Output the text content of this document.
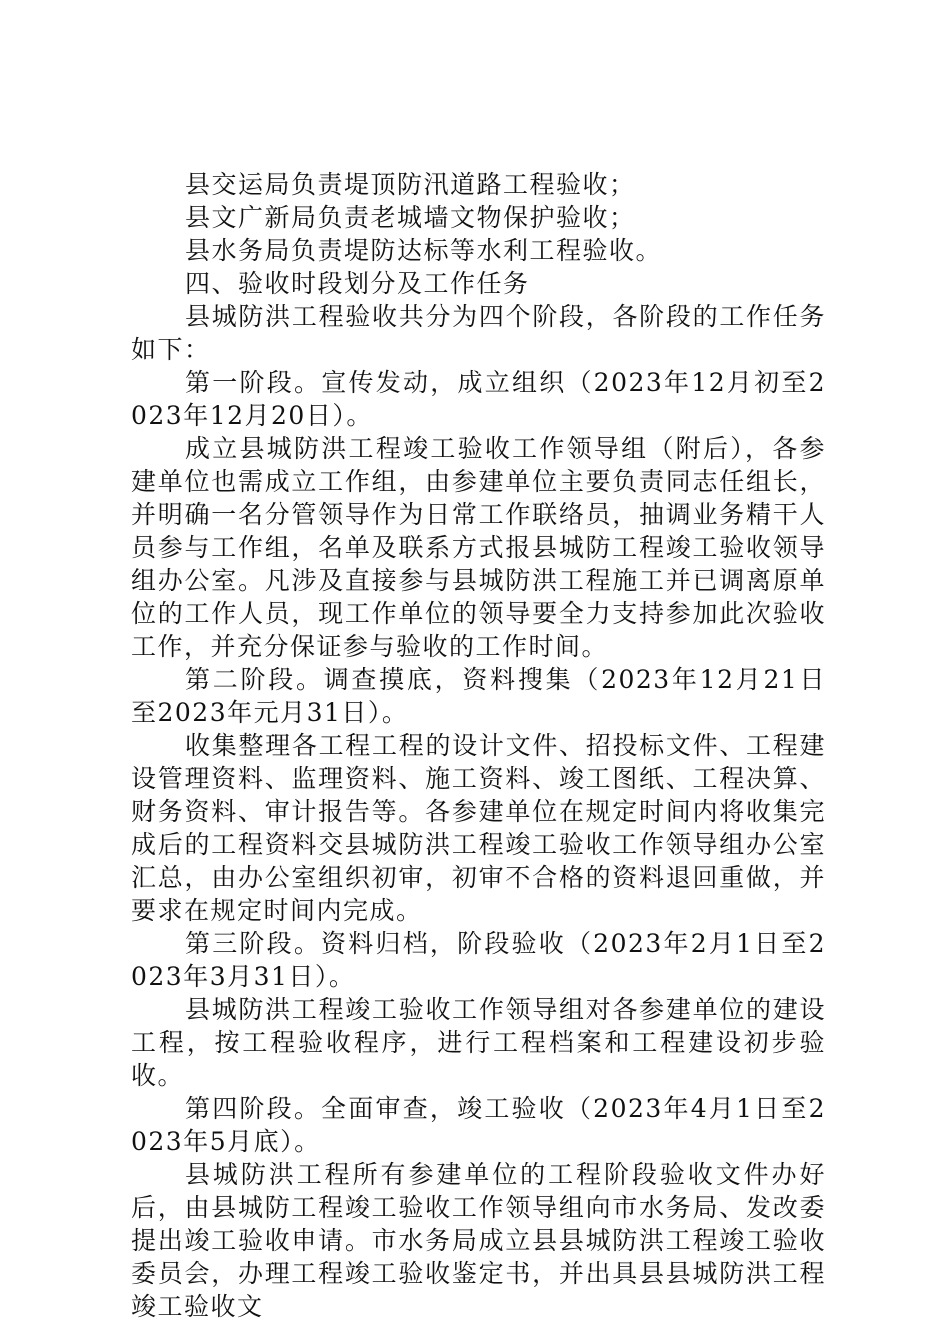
县交运局负责堤顶防汛道路工程验收；

县文广新局负责老城墙文物保护验收；

县水务局负责堤防达标等水利工程验收。

四、验收时段划分及工作任务

县城防洪工程验收共分为四个阶段，各阶段的工作任务如下：

第一阶段。宣传发动，成立组织（2023年12月初至2023年12月20日）。

成立县城防洪工程竣工验收工作领导组（附后），各参建单位也需成立工作组，由参建单位主要负责同志任组长，并明确一名分管领导作为日常工作联络员，抽调业务精干人员参与工作组，名单及联系方式报县城防工程竣工验收领导组办公室。凡涉及直接参与县城防洪工程施工并已调离原单位的工作人员，现工作单位的领导要全力支持参加此次验收工作，并充分保证参与验收的工作时间。

第二阶段。调查摸底，资料搜集（2023年12月21日至2023年元月31日）。

收集整理各工程工程的设计文件、招投标文件、工程建设管理资料、监理资料、施工资料、竣工图纸、工程决算、财务资料、审计报告等。各参建单位在规定时间内将收集完成后的工程资料交县城防洪工程竣工验收工作领导组办公室汇总，由办公室组织初审，初审不合格的资料退回重做，并要求在规定时间内完成。

第三阶段。资料归档，阶段验收（2023年2月1日至2023年3月31日）。

县城防洪工程竣工验收工作领导组对各参建单位的建设工程，按工程验收程序，进行工程档案和工程建设初步验收。

第四阶段。全面审查，竣工验收（2023年4月1日至2023年5月底）。

县城防洪工程所有参建单位的工程阶段验收文件办好后，由县城防工程竣工验收工作领导组向市水务局、发改委提出竣工验收申请。市水务局成立县县城防洪工程竣工验收委员会，办理工程竣工验收鉴定书，并出具县县城防洪工程竣工验收文
